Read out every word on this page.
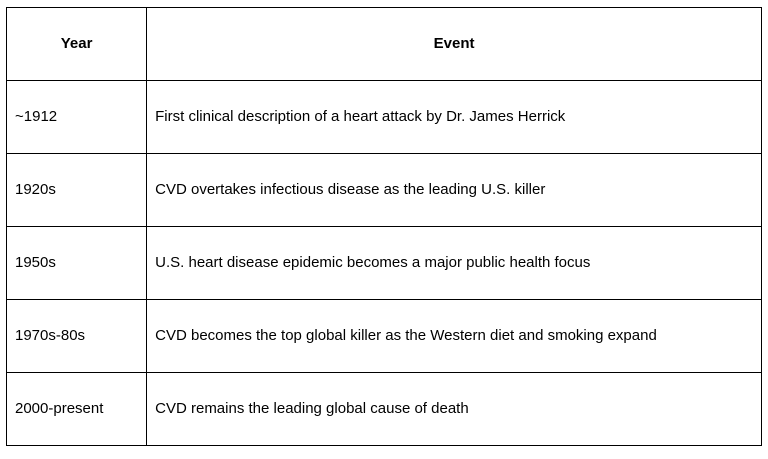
Year	Event
~1912	First clinical description of a heart attack by Dr. James Herrick
1920s	CVD overtakes infectious disease as the leading U.S. killer
1950s	U.S. heart disease epidemic becomes a major public health focus
1970s-80s	CVD becomes the top global killer as the Western diet and smoking expand
2000-present	CVD remains the leading global cause of death
